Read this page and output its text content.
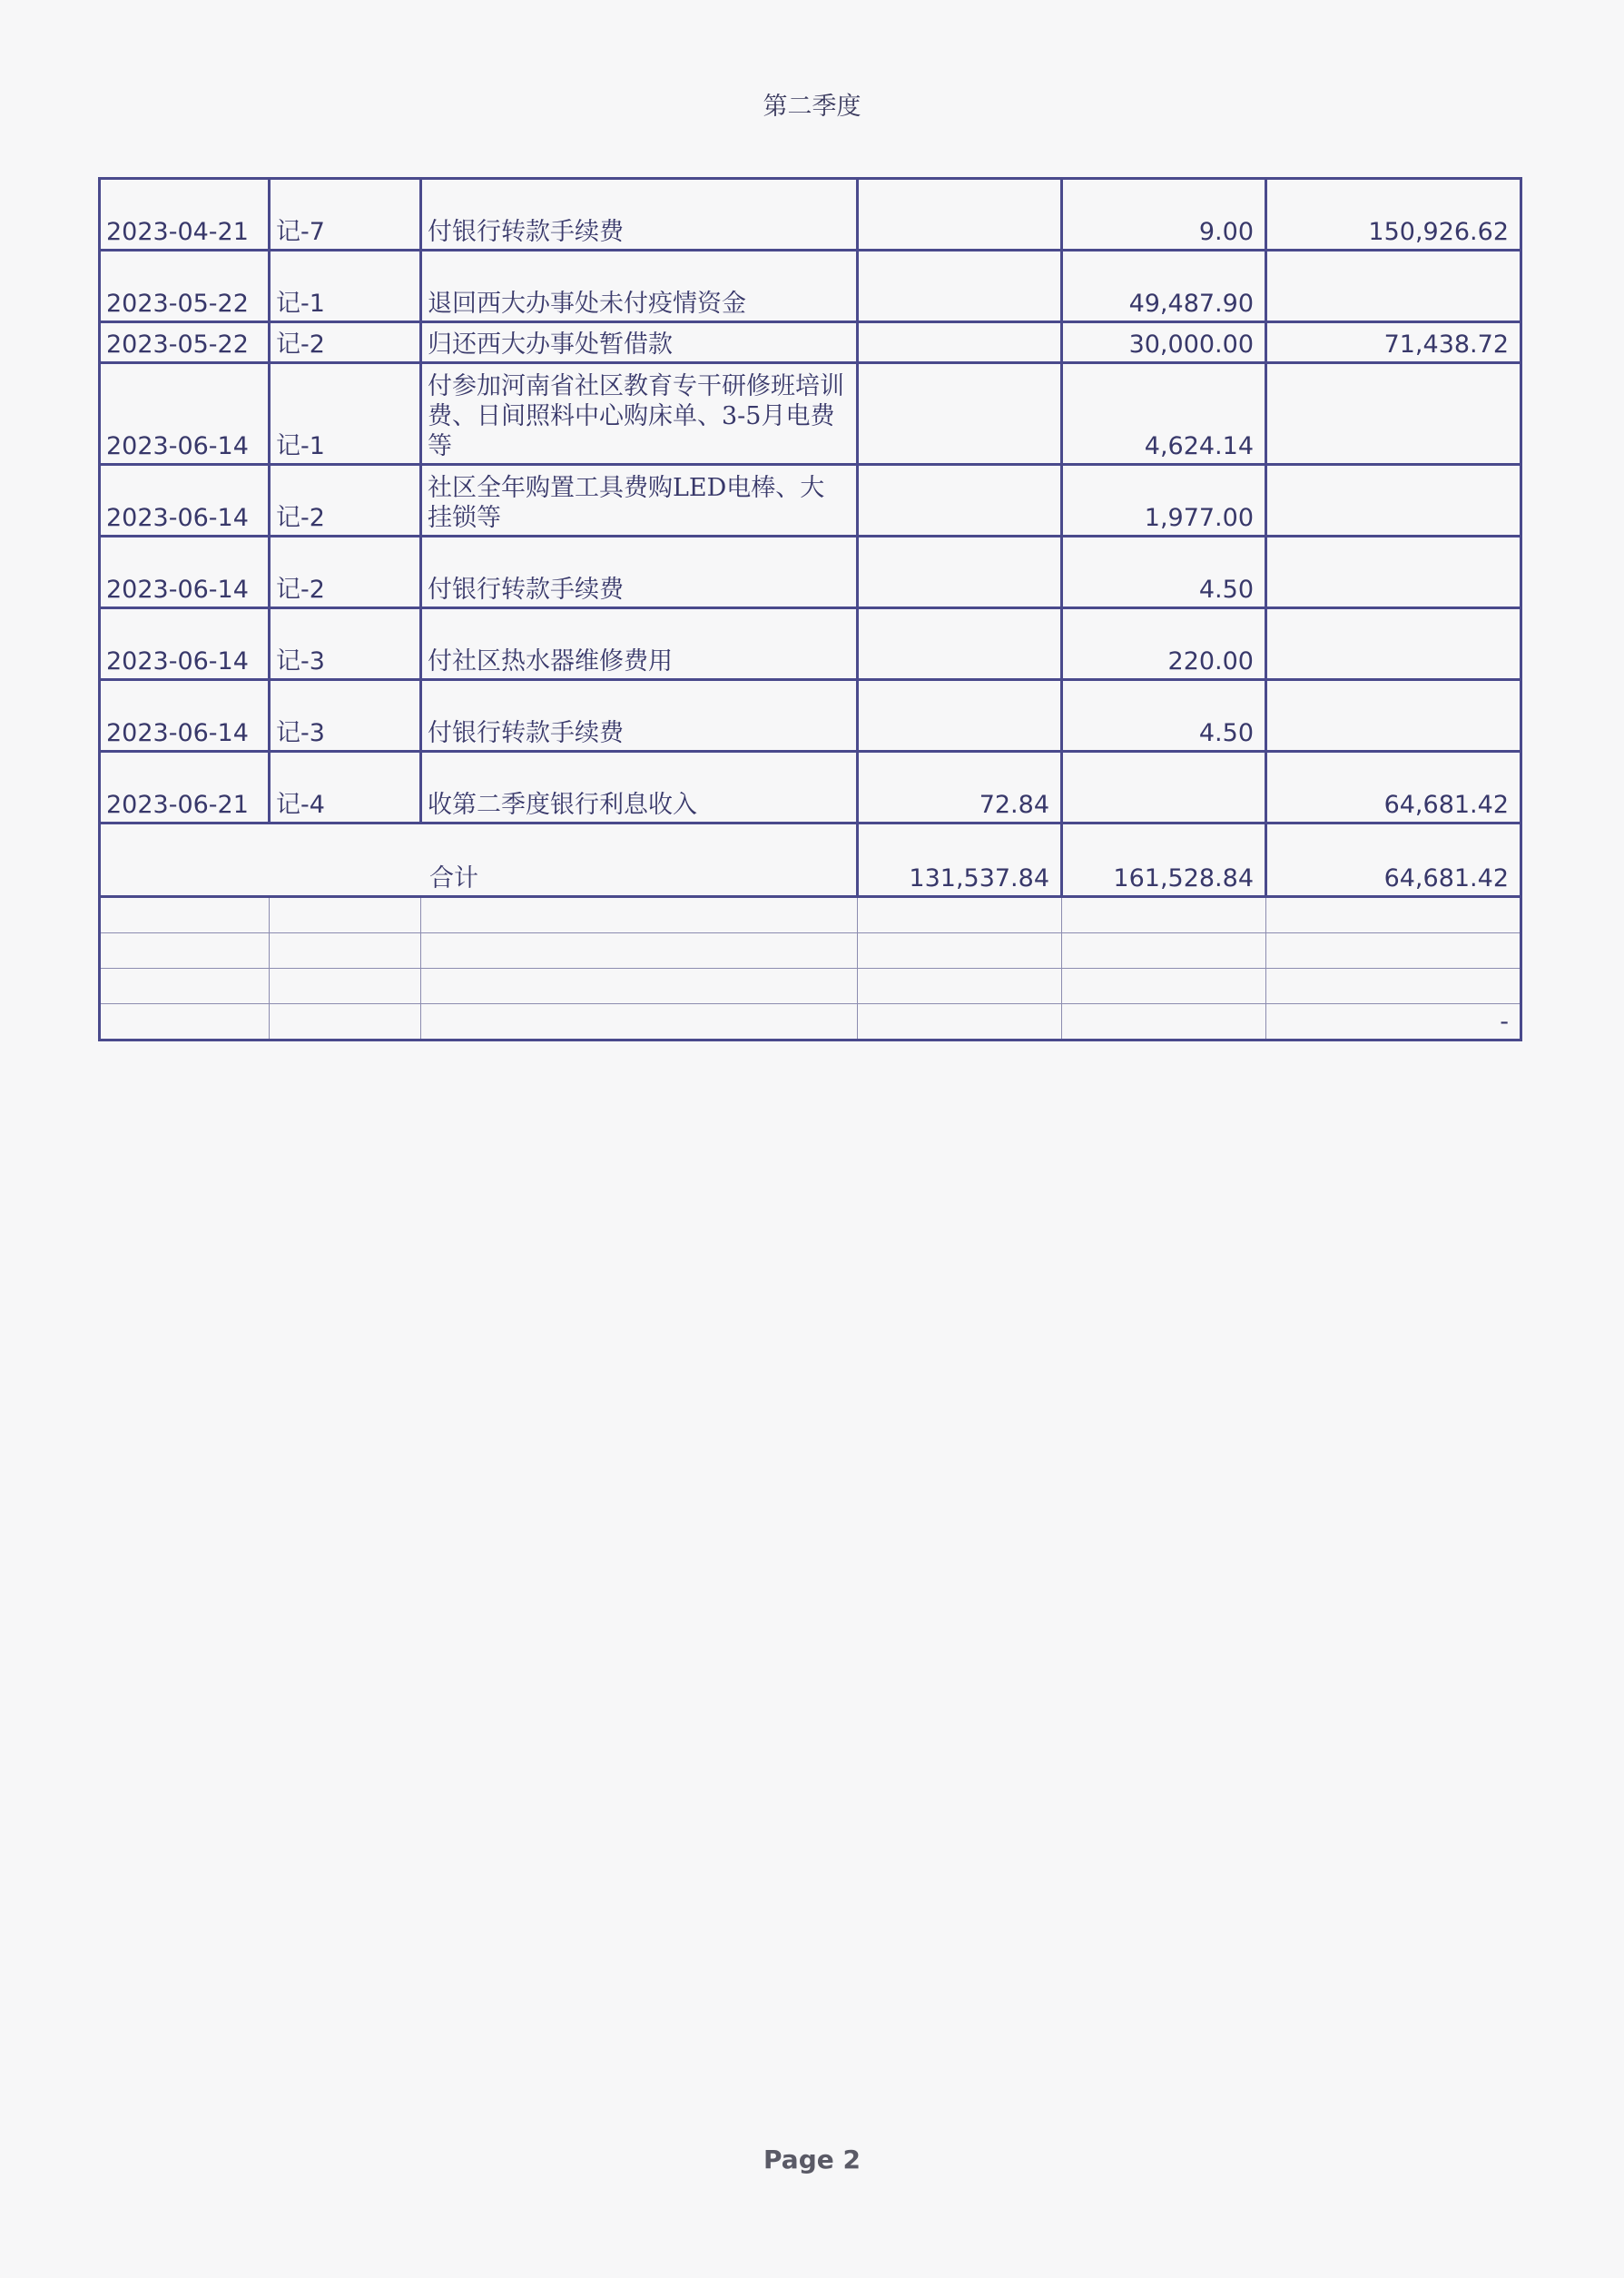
第二季度
2023-04-21	记-7	付银行转款手续费		9.00	150,926.62
2023-05-22	记-1	退回西大办事处未付疫情资金		49,487.90	
2023-05-22	记-2	归还西大办事处暂借款		30,000.00	71,438.72
2023-06-14	记-1	付参加河南省社区教育专干研修班培训费、日间照料中心购床单、3-5月电费等		4,624.14	
2023-06-14	记-2	社区全年购置工具费购LED电棒、大挂锁等		1,977.00	
2023-06-14	记-2	付银行转款手续费		4.50	
2023-06-14	记-3	付社区热水器维修费用		220.00	
2023-06-14	记-3	付银行转款手续费		4.50	
2023-06-21	记-4	收第二季度银行利息收入	72.84		64,681.42
合计			131,537.84	161,528.84	64,681.42

					-
Page 2
